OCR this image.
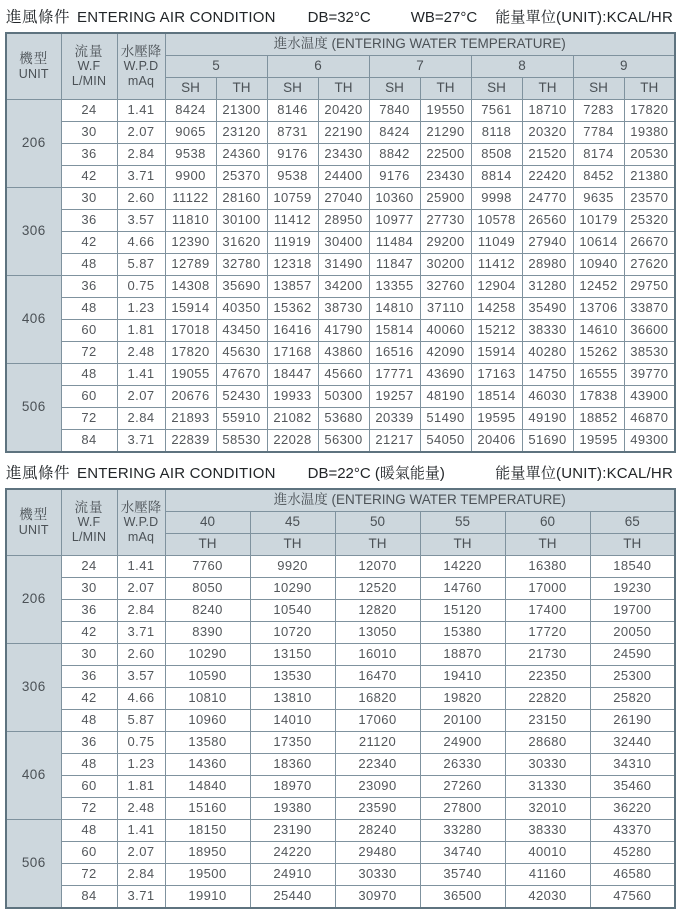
進風條件 ENTERING AIR CONDITION DB=32°C	WB=27°C 能量單位(UNIT):KCAL/HR
機型
UNIT	流量
W.F
L/MIN	水壓降
W.P.D
mAq	進水温度 (ENTERING WATER TEMPERATURE)									
			5		6		7		8		9	
			SH	TH	SH	TH	SH	TH	SH	TH	SH	TH
206	24	1.41	8424	21300	8146	20420	7840	19550	7561	18710	7283	17820
	30	2.07	9065	23120	8731	22190	8424	21290	8118	20320	7784	19380
	36	2.84	9538	24360	9176	23430	8842	22500	8508	21520	8174	20530
	42	3.71	9900	25370	9538	24400	9176	23430	8814	22420	8452	21380
306	30	2.60	11122	28160	10759	27040	10360	25900	9998	24770	9635	23570
	36	3.57	11810	30100	11412	28950	10977	27730	10578	26560	10179	25320
	42	4.66	12390	31620	11919	30400	11484	29200	11049	27940	10614	26670
	48	5.87	12789	32780	12318	31490	11847	30200	11412	28980	10940	27620
406	36	0.75	14308	35690	13857	34200	13355	32760	12904	31280	12452	29750
	48	1.23	15914	40350	15362	38730	14810	37110	14258	35490	13706	33870
	60	1.81	17018	43450	16416	41790	15814	40060	15212	38330	14610	36600
	72	2.48	17820	45630	17168	43860	16516	42090	15914	40280	15262	38530
506	48	1.41	19055	47670	18447	45660	17771	43690	17163	14750	16555	39770
	60	2.07	20676	52430	19933	50300	19257	48190	18514	46030	17838	43900
	72	2.84	21893	55910	21082	53680	20339	51490	19595	49190	18852	46870
	84	3.71	22839	58530	22028	56300	21217	54050	20406	51690	19595	49300
進風條件 ENTERING AIR CONDITION DB=22°C (暖氣能量)	能量單位(UNIT):KCAL/HR
機型
UNIT	流量
W.F
L/MIN	水壓降
W.P.D
mAq	進水温度 (ENTERING WATER TEMPERATURE)					
			40	45	50	55	60	65
			TH	TH	TH	TH	TH	TH
206	24	1.41	7760	9920	12070	14220	16380	18540
	30	2.07	8050	10290	12520	14760	17000	19230
	36	2.84	8240	10540	12820	15120	17400	19700
	42	3.71	8390	10720	13050	15380	17720	20050
306	30	2.60	10290	13150	16010	18870	21730	24590
	36	3.57	10590	13530	16470	19410	22350	25300
	42	4.66	10810	13810	16820	19820	22820	25820
	48	5.87	10960	14010	17060	20100	23150	26190
406	36	0.75	13580	17350	21120	24900	28680	32440
	48	1.23	14360	18360	22340	26330	30330	34310
	60	1.81	14840	18970	23090	27260	31330	35460
	72	2.48	15160	19380	23590	27800	32010	36220
506	48	1.41	18150	23190	28240	33280	38330	43370
	60	2.07	18950	24220	29480	34740	40010	45280
	72	2.84	19500	24910	30330	35740	41160	46580
	84	3.71	19910	25440	30970	36500	42030	47560
